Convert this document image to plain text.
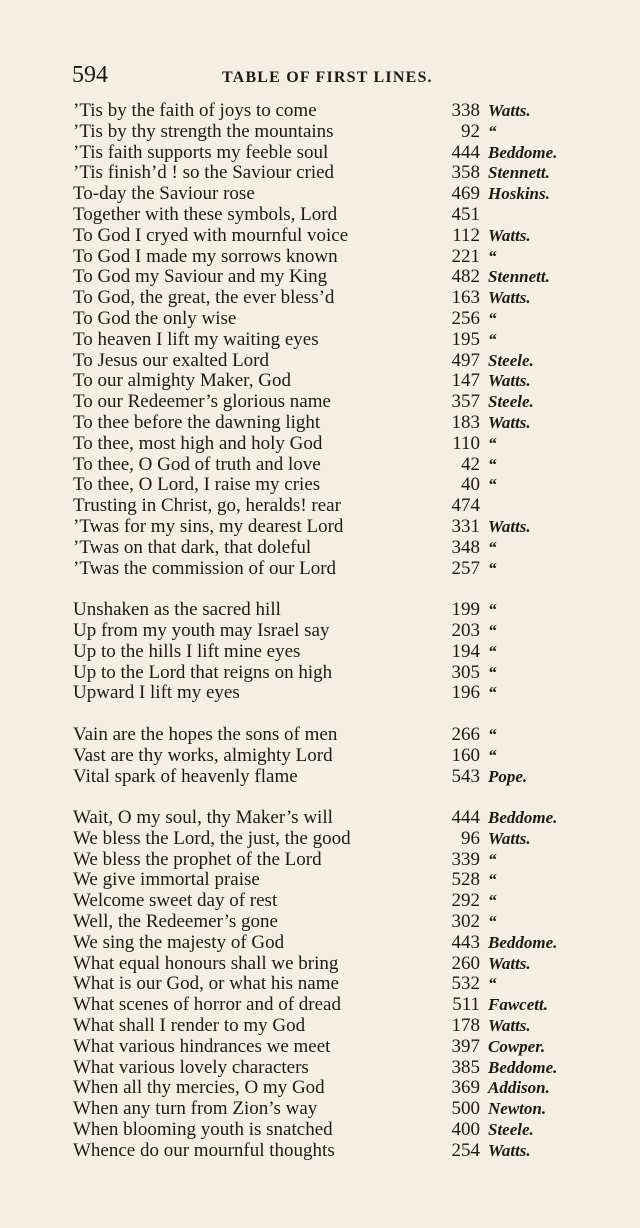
594	TABLE OF FIRST LINES.
’Tis by the faith of joys to come	338 Watts.
’Tis by thy strength the mountains	92 “
’Tis faith supports my feeble soul	444 Beddome.
’Tis finish’d ! so the Saviour cried	358 Stennett.
To-day the Saviour rose	469 Hoskins.
Together with these symbols, Lord	451
To God I cryed with mournful voice	112 Watts.
To God I made my sorrows known	221 “
To God my Saviour and my King	482 Stennett.
To God, the great, the ever bless’d	163 Watts.
To God the only wise	256 “
To heaven I lift my waiting eyes	195 “
To Jesus our exalted Lord	497 Steele.
To our almighty Maker, God	147 Watts.
To our Redeemer’s glorious name	357 Steele.
To thee before the dawning light	183 Watts.
To thee, most high and holy God	110 “
To thee, O God of truth and love	42 “
To thee, O Lord, I raise my cries	40 “
Trusting in Christ, go, heralds! rear	474
’Twas for my sins, my dearest Lord	331 Watts.
’Twas on that dark, that doleful	348 “
’Twas the commission of our Lord	257 “
Unshaken as the sacred hill	199 “
Up from my youth may Israel say	203 “
Up to the hills I lift mine eyes	194 “
Up to the Lord that reigns on high	305 “
Upward I lift my eyes	196 “
Vain are the hopes the sons of men	266 “
Vast are thy works, almighty Lord	160 “
Vital spark of heavenly flame	543 Pope.
Wait, O my soul, thy Maker’s will	444 Beddome.
We bless the Lord, the just, the good	96 Watts.
We bless the prophet of the Lord	339 “
We give immortal praise	528 “
Welcome sweet day of rest	292 “
Well, the Redeemer’s gone	302 “
We sing the majesty of God	443 Beddome.
What equal honours shall we bring	260 Watts.
What is our God, or what his name	532 “
What scenes of horror and of dread	511 Fawcett.
What shall I render to my God	178 Watts.
What various hindrances we meet	397 Cowper.
What various lovely characters	385 Beddome.
When all thy mercies, O my God	369 Addison.
When any turn from Zion’s way	500 Newton.
When blooming youth is snatched	400 Steele.
Whence do our mournful thoughts	254 Watts.
